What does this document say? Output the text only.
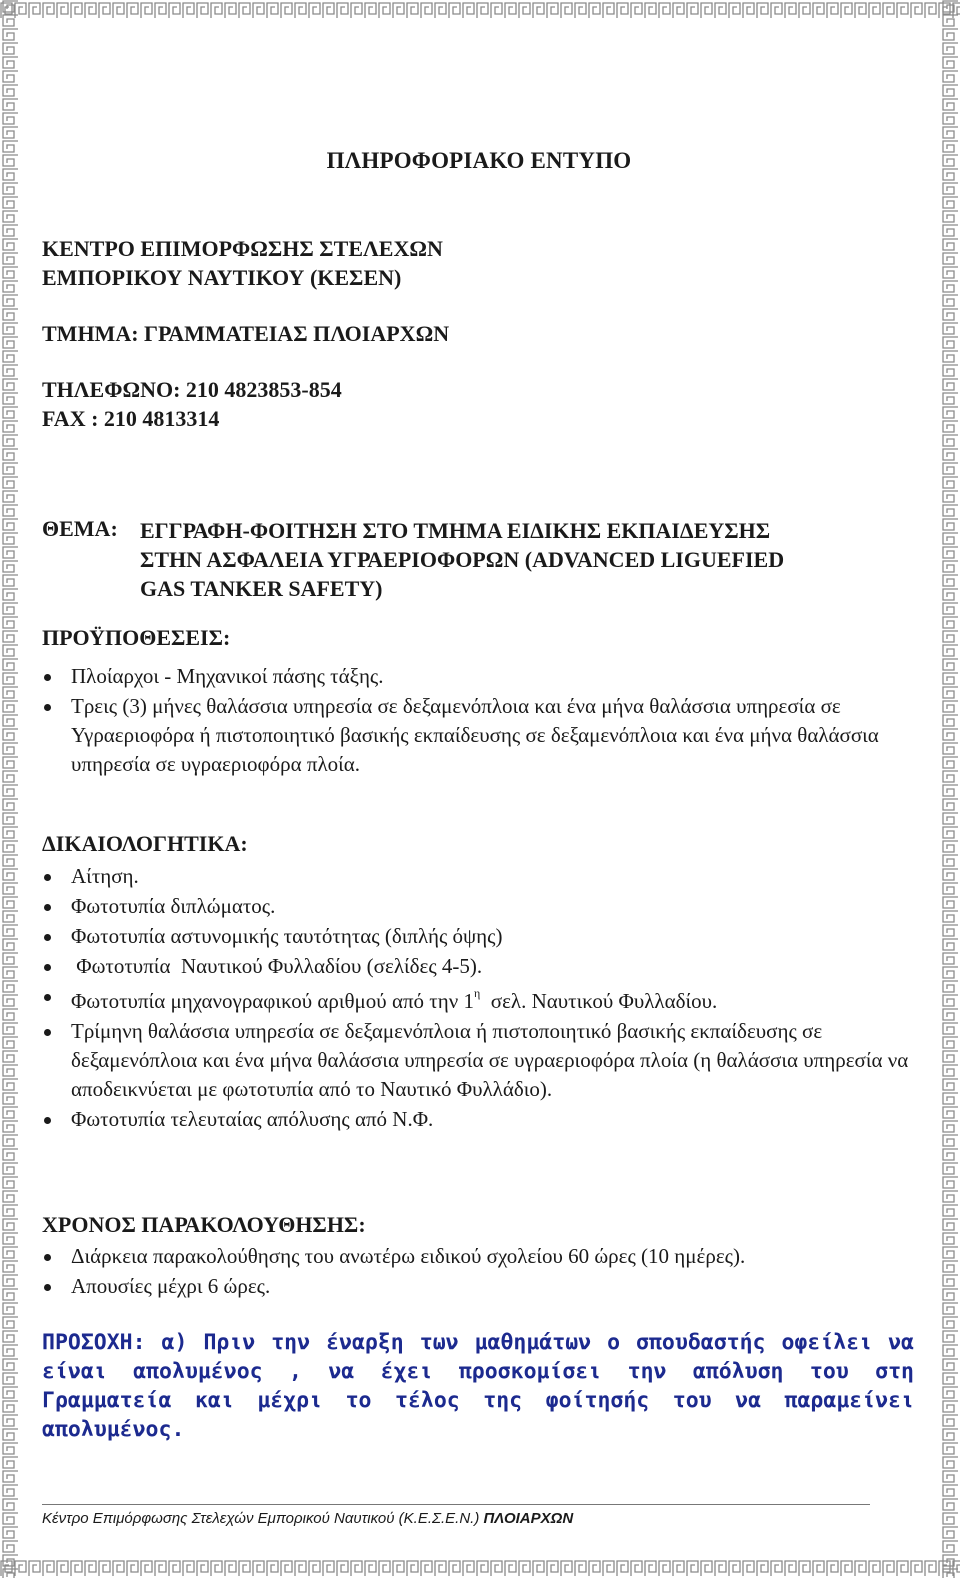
ΠΛΗΡΟΦΟΡΙΑΚΟ ΕΝΤΥΠΟ
ΚΕΝΤΡΟ ΕΠΙΜΟΡΦΩΣΗΣ ΣΤΕΛΕΧΩΝ
ΕΜΠΟΡΙΚΟΥ ΝΑΥΤΙΚΟΥ (ΚΕΣΕΝ)
ΤΜΗΜΑ: ΓΡΑΜΜΑΤΕΙΑΣ ΠΛΟΙΑΡΧΩΝ
ΤΗΛΕΦΩΝΟ: 210 4823853-854
FAX : 210 4813314
ΘΕΜΑ: ΕΓΓΡΑΦΗ-ΦΟΙΤΗΣΗ ΣΤΟ ΤΜΗΜΑ ΕΙΔΙΚΗΣ ΕΚΠΑΙΔΕΥΣΗΣ
ΣΤΗΝ ΑΣΦΑΛΕΙΑ ΥΓΡΑΕΡΙΟΦΟΡΩΝ (ADVANCED LIGUEFIED
GAS TANKER SAFETY)
ΠΡΟΫΠΟΘΕΣΕΙΣ:
Πλοίαρχοι - Μηχανικοί πάσης τάξης.
Τρεις (3) μήνες θαλάσσια υπηρεσία σε δεξαμενόπλοια και ένα μήνα θαλάσσια υπηρεσία σε Υγραεριοφόρα ή πιστοποιητικό βασικής εκπαίδευσης σε δεξαμενόπλοια και ένα μήνα θαλάσσια υπηρεσία σε υγραεριοφόρα πλοία.
ΔΙΚΑΙΟΛΟΓΗΤΙΚΑ:
Αίτηση.
Φωτοτυπία διπλώματος.
Φωτοτυπία αστυνομικής ταυτότητας (διπλής όψης)
Φωτοτυπία  Ναυτικού Φυλλαδίου (σελίδες 4-5).
Φωτοτυπία μηχανογραφικού αριθμού από την $1^\eta$  σελ. Ναυτικού Φυλλαδίου.
Τρίμηνη θαλάσσια υπηρεσία σε δεξαμενόπλοια ή πιστοποιητικό βασικής εκπαίδευσης σε δεξαμενόπλοια και ένα μήνα θαλάσσια υπηρεσία σε υγραεριοφόρα πλοία (η θαλάσσια υπηρεσία να αποδεικνύεται με φωτοτυπία από το Ναυτικό Φυλλάδιο).
Φωτοτυπία τελευταίας απόλυσης από Ν.Φ.
ΧΡΟΝΟΣ ΠΑΡΑΚΟΛΟΥΘΗΣΗΣ:
Διάρκεια παρακολούθησης του ανωτέρω ειδικού σχολείου 60 ώρες (10 ημέρες).
Απουσίες μέχρι 6 ώρες.
ΠΡΟΣΟΧΗ: α) Πριν την έναρξη των μαθημάτων ο σπουδαστής οφείλει να είναι απολυμένος , να έχει προσκομίσει την απόλυση του στη Γραμματεία και μέχρι το τέλος της φοίτησής του να παραμείνει απολυμένος.
Κέντρο Επιμόρφωσης Στελεχών Εμπορικού Ναυτικού (Κ.Ε.Σ.Ε.Ν.) ΠΛΟΙΑΡΧΩΝ
